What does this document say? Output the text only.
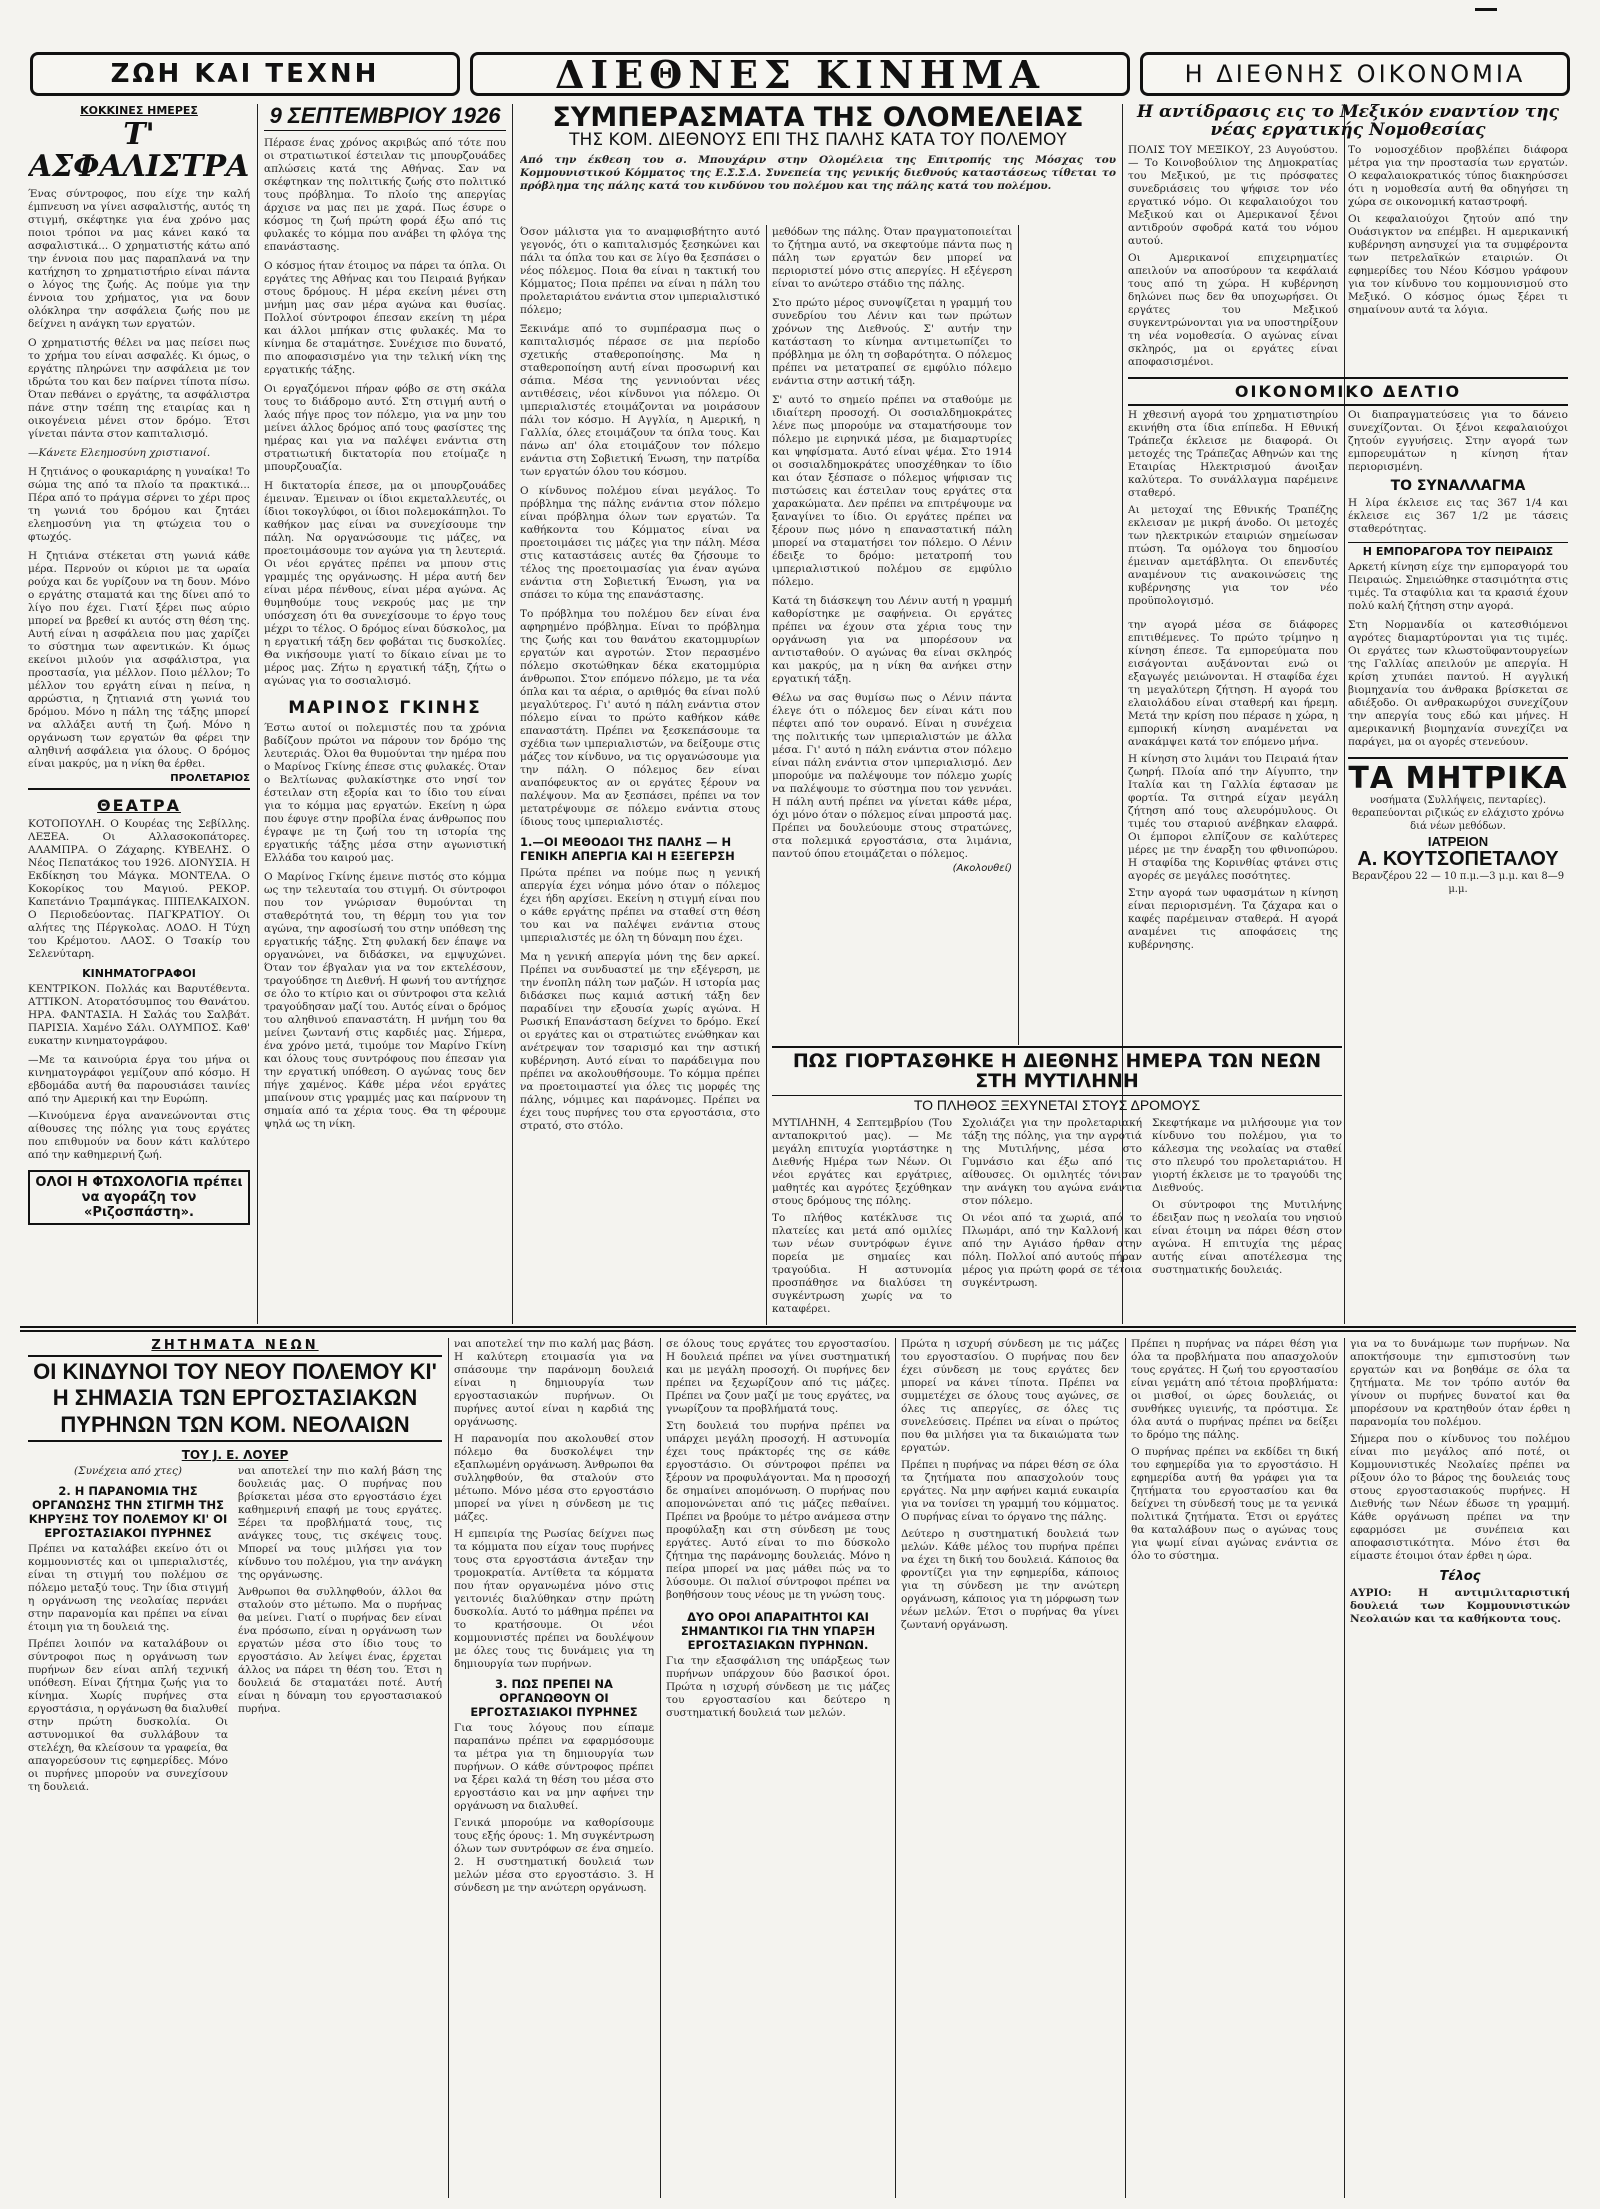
ΖΩΗ ΚΑΙ ΤΕΧΝΗ	ΔΙΕΘΝΕΣ ΚΙΝΗΜΑ	Η ΔΙΕΘΝΗΣ ΟΙΚΟΝΟΜΙΑ

ΚΟΚΚΙΝΕΣ ΗΜΕΡΕΣ

Τ' ΑΣΦΑΛΙΣΤΡΑ

Ένας σύντροφος, που είχε την καλή έμπνευση να γίνει ασφαλιστής, αυτός τη στιγμή, σκέφτηκε για ένα χρόνο μας ποιοι τρόποι να μας κάνει κακό τα ασφαλιστικά... Ο χρηματιστής κάτω από την έννοια που μας παραπλανά να την κατήχηση το χρηματιστήριο είναι πάντα ο λόγος της ζωής. Ας πούμε για την έννοια του χρήματος, για να δουν ολόκληρα την ασφάλεια ζωής που με δείχνει η ανάγκη των εργατών.

Ο χρηματιστής θέλει να μας πείσει πως το χρήμα του είναι ασφαλές. Κι όμως, ο εργάτης πληρώνει την ασφάλεια με τον ιδρώτα του και δεν παίρνει τίποτα πίσω. Όταν πεθάνει ο εργάτης, τα ασφάλιστρα πάνε στην τσέπη της εταιρίας και η οικογένεια μένει στον δρόμο. Έτσι γίνεται πάντα στον καπιταλισμό.

—Κάνετε Ελεημοσύνη χριστιανοί.

Η ζητιάνος ο φουκαριάρης η γυναίκα! Το σώμα της από τα πλοίο τα πρακτικά... Πέρα από το πράγμα σέρνει το χέρι προς τη γωνιά του δρόμου και ζητάει ελεημοσύνη για τη φτώχεια του ο φτωχός.

Η ζητιάνα στέκεται στη γωνιά κάθε μέρα. Περνούν οι κύριοι με τα ωραία ρούχα και δε γυρίζουν να τη δουν. Μόνο ο εργάτης σταματά και της δίνει από το λίγο που έχει. Γιατί ξέρει πως αύριο μπορεί να βρεθεί κι αυτός στη θέση της. Αυτή είναι η ασφάλεια που μας χαρίζει το σύστημα των αφεντικών. Κι όμως εκείνοι μιλούν για ασφάλιστρα, για προστασία, για μέλλον. Ποιο μέλλον; Το μέλλον του εργάτη είναι η πείνα, η αρρώστια, η ζητιανιά στη γωνιά του δρόμου. Μόνο η πάλη της τάξης μπορεί να αλλάξει αυτή τη ζωή. Μόνο η οργάνωση των εργατών θα φέρει την αληθινή ασφάλεια για όλους. Ο δρόμος είναι μακρύς, μα η νίκη θα έρθει.

ΠΡΟΛΕΤΑΡΙΟΣ

ΘΕΑΤΡΑ

ΚΟΤΟΠΟΥΛΗ. Ο Κουρέας της Σεβίλλης. ΛΕΞΕΑ. Οι Αλλασοκοπάτορες. ΑΛΑΜΠΡΑ. Ο Ζάχαρης. ΚΥΒΕΛΗΣ. Ο Νέος Πεπατάκος του 1926. ΔΙΟΝΥΣΙΑ. Η Εκδίκηση του Μάγκα. ΜΟΝΤΕΛΑ. Ο Κοκορίκος του Μαγιού. ΡΕΚΟΡ. Καπετάνιο Τραμπάγκας. ΠΙΠΕΛΚΑΙΧΟΝ. Ο Περιοδεύοντας. ΠΑΓΚΡΑΤΙΟΥ. Οι αλήτες της Πέργκολας. ΛΟΔΟ. Η Τύχη του Κρέμοτου. ΛΑΟΣ. Ο Τσακίρ του Σελενύταρη.

ΚΙΝΗΜΑΤΟΓΡΑΦΟΙ

ΚΕΝΤΡΙΚΟΝ. Πολλάς και Βαρυτέθεντα. ΑΤΤΙΚΟΝ. Ατορατόσυμπος του Θανάτου. ΗΡΑ. ΦΑΝΤΑΣΙΑ. Η Σαλάς του Σαλβάτ. ΠΑΡΙΣΙΑ. Χαμένο Σάλι. ΟΛΥΜΠΟΣ. Καθ' ευκατην κινηματογράφου.

—Με τα καινούρια έργα του μήνα οι κινηματογράφοι γεμίζουν από κόσμο. Η εβδομάδα αυτή θα παρουσιάσει ταινίες από την Αμερική και την Ευρώπη.

—Κινούμενα έργα ανανεώνονται στις αίθουσες της πόλης για τους εργάτες που επιθυμούν να δουν κάτι καλύτερο από την καθημερινή ζωή.

ΟΛΟΙ Η ΦΤΩΧΟΛΟΓΙΑ πρέπει να αγοράζη τον «Ριζοσπάστη».

9 ΣΕΠΤΕΜΒΡΙΟΥ 1926

Πέρασε ένας χρόνος ακριβώς από τότε που οι στρατιωτικοί έστειλαν τις μπουρζουάδες απλώσεις κατά της Αθήνας. Σαν να σκέφτηκαν της πολιτικής ζωής στο πολιτικό τους πρόβλημα. Το πλοίο της απεργίας άρχισε να μας πει με χαρά. Πως έσυρε ο κόσμος τη ζωή πρώτη φορά έξω από τις φυλακές το κόμμα που ανάβει τη φλόγα της επανάστασης.

Ο κόσμος ήταν έτοιμος να πάρει τα όπλα. Οι εργάτες της Αθήνας και του Πειραιά βγήκαν στους δρόμους. Η μέρα εκείνη μένει στη μνήμη μας σαν μέρα αγώνα και θυσίας. Πολλοί σύντροφοι έπεσαν εκείνη τη μέρα και άλλοι μπήκαν στις φυλακές. Μα το κίνημα δε σταμάτησε. Συνέχισε πιο δυνατό, πιο αποφασισμένο για την τελική νίκη της εργατικής τάξης.

Οι εργαζόμενοι πήραν φόβο σε στη σκάλα τους το διάδρομο αυτό. Στη στιγμή αυτή ο λαός πήγε προς τον πόλεμο, για να μην του μείνει άλλος δρόμος από τους φασίστες της ημέρας και για να παλέψει ενάντια στη στρατιωτική δικτατορία που ετοίμαζε η μπουρζουαζία.

Η δικτατορία έπεσε, μα οι μπουρζουάδες έμειναν. Έμειναν οι ίδιοι εκμεταλλευτές, οι ίδιοι τοκογλύφοι, οι ίδιοι πολεμοκάπηλοι. Το καθήκον μας είναι να συνεχίσουμε την πάλη. Να οργανώσουμε τις μάζες, να προετοιμάσουμε τον αγώνα για τη λευτεριά. Οι νέοι εργάτες πρέπει να μπουν στις γραμμές της οργάνωσης. Η μέρα αυτή δεν είναι μέρα πένθους, είναι μέρα αγώνα. Ας θυμηθούμε τους νεκρούς μας με την υπόσχεση ότι θα συνεχίσουμε το έργο τους μέχρι το τέλος. Ο δρόμος είναι δύσκολος, μα η εργατική τάξη δεν φοβάται τις δυσκολίες. Θα νικήσουμε γιατί το δίκαιο είναι με το μέρος μας. Ζήτω η εργατική τάξη, ζήτω ο αγώνας για το σοσιαλισμό.

ΜΑΡΙΝΟΣ ΓΚΙΝΗΣ

Έστω αυτοί οι πολεμιστές που τα χρόνια βαδίζουν πρώτοι να πάρουν τον δρόμο της λευτεριάς. Όλοι θα θυμούνται την ημέρα που ο Μαρίνος Γκίνης έπεσε στις φυλακές. Όταν ο Βελτίωνας φυλακίστηκε στο νησί τον έστειλαν στη εξορία και το ίδιο του είναι για το κόμμα μας εργατών. Εκείνη η ώρα που έφυγε στην προβίλα ένας άνθρωπος που έγραψε με τη ζωή του τη ιστορία της εργατικής τάξης μέσα στην αγωνιστική Ελλάδα του καιρού μας.

Ο Μαρίνος Γκίνης έμεινε πιστός στο κόμμα ως την τελευταία του στιγμή. Οι σύντροφοι που τον γνώρισαν θυμούνται τη σταθερότητά του, τη θέρμη του για τον αγώνα, την αφοσίωσή του στην υπόθεση της εργατικής τάξης. Στη φυλακή δεν έπαψε να οργανώνει, να διδάσκει, να εμψυχώνει. Όταν τον έβγαλαν για να τον εκτελέσουν, τραγούδησε τη Διεθνή. Η φωνή του αντήχησε σε όλο το κτίριο και οι σύντροφοι στα κελιά τραγούδησαν μαζί του. Αυτός είναι ο δρόμος του αληθινού επαναστάτη. Η μνήμη του θα μείνει ζωντανή στις καρδιές μας. Σήμερα, ένα χρόνο μετά, τιμούμε τον Μαρίνο Γκίνη και όλους τους συντρόφους που έπεσαν για την εργατική υπόθεση. Ο αγώνας τους δεν πήγε χαμένος. Κάθε μέρα νέοι εργάτες μπαίνουν στις γραμμές μας και παίρνουν τη σημαία από τα χέρια τους. Θα τη φέρουμε ψηλά ως τη νίκη.

ΣΥΜΠΕΡΑΣΜΑΤΑ ΤΗΣ ΟΛΟΜΕΛΕΙΑΣ

ΤΗΣ ΚΟΜ. ΔΙΕΘΝΟΥΣ ΕΠΙ ΤΗΣ ΠΑΛΗΣ ΚΑΤΑ ΤΟΥ ΠΟΛΕΜΟΥ

Από την έκθεση του σ. Μπουχάριν στην Ολομέλεια της Επιτροπής της Μόσχας του Κομμουνιστικού Κόμματος της Ε.Σ.Σ.Δ. Συνεπεία της γενικής διεθνούς καταστάσεως τίθεται το πρόβλημα της πάλης κατά του κινδύνου του πολέμου και της πάλης κατά του πολέμου.

Όσον μάλιστα για το αναμφισβήτητο αυτό γεγονός, ότι ο καπιταλισμός ξεσηκώνει και πάλι τα όπλα του και σε λίγο θα ξεσπάσει ο νέος πόλεμος. Ποια θα είναι η τακτική του Κόμματος; Ποια πρέπει να είναι η πάλη του προλεταριάτου ενάντια στον ιμπεριαλιστικό πόλεμο;

Ξεκινάμε από το συμπέρασμα πως ο καπιταλισμός πέρασε σε μια περίοδο σχετικής σταθεροποίησης. Μα η σταθεροποίηση αυτή είναι προσωρινή και σάπια. Μέσα της γεννιούνται νέες αντιθέσεις, νέοι κίνδυνοι για πόλεμο. Οι ιμπεριαλιστές ετοιμάζονται να μοιράσουν πάλι τον κόσμο. Η Αγγλία, η Αμερική, η Γαλλία, όλες ετοιμάζουν τα όπλα τους. Και πάνω απ' όλα ετοιμάζουν τον πόλεμο ενάντια στη Σοβιετική Ένωση, την πατρίδα των εργατών όλου του κόσμου.

Ο κίνδυνος πολέμου είναι μεγάλος. Το πρόβλημα της πάλης ενάντια στον πόλεμο είναι πρόβλημα όλων των εργατών. Τα καθήκοντα του Κόμματος είναι να προετοιμάσει τις μάζες για την πάλη. Μέσα στις καταστάσεις αυτές θα ζήσουμε το τέλος της προετοιμασίας για έναν αγώνα ενάντια στη Σοβιετική Ένωση, για να σπάσει το κύμα της επανάστασης.

Το πρόβλημα του πολέμου δεν είναι ένα αφηρημένο πρόβλημα. Είναι το πρόβλημα της ζωής και του θανάτου εκατομμυρίων εργατών και αγροτών. Στον περασμένο πόλεμο σκοτώθηκαν δέκα εκατομμύρια άνθρωποι. Στον επόμενο πόλεμο, με τα νέα όπλα και τα αέρια, ο αριθμός θα είναι πολύ μεγαλύτερος. Γι' αυτό η πάλη ενάντια στον πόλεμο είναι το πρώτο καθήκον κάθε επαναστάτη. Πρέπει να ξεσκεπάσουμε τα σχέδια των ιμπεριαλιστών, να δείξουμε στις μάζες τον κίνδυνο, να τις οργανώσουμε για την πάλη. Ο πόλεμος δεν είναι αναπόφευκτος αν οι εργάτες ξέρουν να παλέψουν. Μα αν ξεσπάσει, πρέπει να τον μετατρέψουμε σε πόλεμο ενάντια στους ίδιους τους ιμπεριαλιστές.

1.—ΟΙ ΜΕΘΟΔΟΙ ΤΗΣ ΠΑΛΗΣ — Η ΓΕΝΙΚΗ ΑΠΕΡΓΙΑ ΚΑΙ Η ΕΞΕΓΕΡΣΗ

Πρώτα πρέπει να πούμε πως η γενική απεργία έχει νόημα μόνο όταν ο πόλεμος έχει ήδη αρχίσει. Εκείνη η στιγμή είναι που ο κάθε εργάτης πρέπει να σταθεί στη θέση του και να παλέψει ενάντια στους ιμπεριαλιστές με όλη τη δύναμη που έχει.

Μα η γενική απεργία μόνη της δεν αρκεί. Πρέπει να συνδυαστεί με την εξέγερση, με την ένοπλη πάλη των μαζών. Η ιστορία μας διδάσκει πως καμιά αστική τάξη δεν παραδίνει την εξουσία χωρίς αγώνα. Η Ρωσική Επανάσταση δείχνει το δρόμο. Εκεί οι εργάτες και οι στρατιώτες ενώθηκαν και ανέτρεψαν τον τσαρισμό και την αστική κυβέρνηση. Αυτό είναι το παράδειγμα που πρέπει να ακολουθήσουμε. Το κόμμα πρέπει να προετοιμαστεί για όλες τις μορφές της πάλης, νόμιμες και παράνομες. Πρέπει να έχει τους πυρήνες του στα εργοστάσια, στο στρατό, στο στόλο.

μεθόδων της πάλης. Όταν πραγματοποιείται το ζήτημα αυτό, να σκεφτούμε πάντα πως η πάλη των εργατών δεν μπορεί να περιοριστεί μόνο στις απεργίες. Η εξέγερση είναι το ανώτερο στάδιο της πάλης.

Στο πρώτο μέρος συνοψίζεται η γραμμή του συνεδρίου του Λένιν και των πρώτων χρόνων της Διεθνούς. Σ' αυτήν την κατάσταση το κίνημα αντιμετωπίζει το πρόβλημα με όλη τη σοβαρότητα. Ο πόλεμος πρέπει να μετατραπεί σε εμφύλιο πόλεμο ενάντια στην αστική τάξη.

Σ' αυτό το σημείο πρέπει να σταθούμε με ιδιαίτερη προσοχή. Οι σοσιαλδημοκράτες λένε πως μπορούμε να σταματήσουμε τον πόλεμο με ειρηνικά μέσα, με διαμαρτυρίες και ψηφίσματα. Αυτό είναι ψέμα. Στο 1914 οι σοσιαλδημοκράτες υποσχέθηκαν το ίδιο και όταν ξέσπασε ο πόλεμος ψήφισαν τις πιστώσεις και έστειλαν τους εργάτες στα χαρακώματα. Δεν πρέπει να επιτρέψουμε να ξαναγίνει το ίδιο. Οι εργάτες πρέπει να ξέρουν πως μόνο η επαναστατική πάλη μπορεί να σταματήσει τον πόλεμο. Ο Λένιν έδειξε το δρόμο: μετατροπή του ιμπεριαλιστικού πολέμου σε εμφύλιο πόλεμο.

Κατά τη διάσκεψη του Λένιν αυτή η γραμμή καθορίστηκε με σαφήνεια. Οι εργάτες πρέπει να έχουν στα χέρια τους την οργάνωση για να μπορέσουν να αντισταθούν. Ο αγώνας θα είναι σκληρός και μακρύς, μα η νίκη θα ανήκει στην εργατική τάξη.

Θέλω να σας θυμίσω πως ο Λένιν πάντα έλεγε ότι ο πόλεμος δεν είναι κάτι που πέφτει από τον ουρανό. Είναι η συνέχεια της πολιτικής των ιμπεριαλιστών με άλλα μέσα. Γι' αυτό η πάλη ενάντια στον πόλεμο είναι πάλη ενάντια στον ιμπεριαλισμό. Δεν μπορούμε να παλέψουμε τον πόλεμο χωρίς να παλέψουμε το σύστημα που τον γεννάει. Η πάλη αυτή πρέπει να γίνεται κάθε μέρα, όχι μόνο όταν ο πόλεμος είναι μπροστά μας. Πρέπει να δουλεύουμε στους στρατώνες, στα πολεμικά εργοστάσια, στα λιμάνια, παντού όπου ετοιμάζεται ο πόλεμος.

(Ακολουθεί)

ΠΩΣ ΓΙΟΡΤΑΣΘΗΚΕ Η ΔΙΕΘΝΗΣ ΗΜΕΡΑ ΤΩΝ ΝΕΩΝ ΣΤΗ ΜΥΤΙΛΗΝΗ

ΤΟ ΠΛΗΘΟΣ ΞΕΧΥΝΕΤΑΙ ΣΤΟΥΣ ΔΡΟΜΟΥΣ

ΜΥΤΙΛΗΝΗ, 4 Σεπτεμβρίου (Του ανταποκριτού μας). — Με μεγάλη επιτυχία γιορτάστηκε η Διεθνής Ημέρα των Νέων. Οι νέοι εργάτες και εργάτριες, μαθητές και αγρότες ξεχύθηκαν στους δρόμους της πόλης.

Το πλήθος κατέκλυσε τις πλατείες και μετά από ομιλίες των νέων συντρόφων έγινε πορεία με σημαίες και τραγούδια. Η αστυνομία προσπάθησε να διαλύσει τη συγκέντρωση χωρίς να το καταφέρει.

Σχολιάζει για την προλεταριακή τάξη της πόλης, για την αγροτιά της Μυτιλήνης, μέσα στο Γυμνάσιο και έξω από τις αίθουσες. Οι ομιλητές τόνισαν την ανάγκη του αγώνα ενάντια στον πόλεμο.

Οι νέοι από τα χωριά, από το Πλωμάρι, από την Καλλονή και από την Αγιάσο ήρθαν στην πόλη. Πολλοί από αυτούς πήραν μέρος για πρώτη φορά σε τέτοια συγκέντρωση.

Σκεφτήκαμε να μιλήσουμε για τον κίνδυνο του πολέμου, για το κάλεσμα της νεολαίας να σταθεί στο πλευρό του προλεταριάτου. Η γιορτή έκλεισε με το τραγούδι της Διεθνούς.

Οι σύντροφοι της Μυτιλήνης έδειξαν πως η νεολαία του νησιού είναι έτοιμη να πάρει θέση στον αγώνα. Η επιτυχία της μέρας αυτής είναι αποτέλεσμα της συστηματικής δουλειάς.

Η αντίδρασις εις το Μεξικόν εναντίον της νέας εργατικής Νομοθεσίας

ΠΟΛΙΣ ΤΟΥ ΜΕΞΙΚΟΥ, 23 Αυγούστου. — Το Κοινοβούλιον της Δημοκρατίας του Μεξικού, με τις πρόσφατες συνεδριάσεις του ψήφισε τον νέο εργατικό νόμο. Οι κεφαλαιούχοι του Μεξικού και οι Αμερικανοί ξένοι αντιδρούν σφοδρά κατά του νόμου αυτού.

Οι Αμερικανοί επιχειρηματίες απειλούν να αποσύρουν τα κεφάλαιά τους από τη χώρα. Η κυβέρνηση δηλώνει πως δεν θα υποχωρήσει. Οι εργάτες του Μεξικού συγκεντρώνονται για να υποστηρίξουν τη νέα νομοθεσία. Ο αγώνας είναι σκληρός, μα οι εργάτες είναι αποφασισμένοι.

Το νομοσχέδιον προβλέπει διάφορα μέτρα για την προστασία των εργατών. Ο κεφαλαιοκρατικός τύπος διακηρύσσει ότι η νομοθεσία αυτή θα οδηγήσει τη χώρα σε οικονομική καταστροφή.

Οι κεφαλαιούχοι ζητούν από την Ουάσιγκτον να επέμβει. Η αμερικανική κυβέρνηση ανησυχεί για τα συμφέροντα των πετρελαϊκών εταιριών. Οι εφημερίδες του Νέου Κόσμου γράφουν για τον κίνδυνο του κομμουνισμού στο Μεξικό. Ο κόσμος όμως ξέρει τι σημαίνουν αυτά τα λόγια.

ΟΙΚΟΝΟΜΙΚΟ ΔΕΛΤΙΟ

Η χθεσινή αγορά του χρηματιστηρίου εκινήθη στα ίδια επίπεδα. Η Εθνική Τράπεζα έκλεισε με διαφορά. Οι μετοχές της Τράπεζας Αθηνών και της Εταιρίας Ηλεκτρισμού άνοιξαν καλύτερα. Το συνάλλαγμα παρέμεινε σταθερό.

Αι μετοχαί της Εθνικής Τραπέζης εκλεισαν με μικρή άνοδο. Οι μετοχές των ηλεκτρικών εταιριών σημείωσαν πτώση. Τα ομόλογα του δημοσίου έμειναν αμετάβλητα. Οι επενδυτές αναμένουν τις ανακοινώσεις της κυβέρνησης για τον νέο προϋπολογισμό.

Οι διαπραγματεύσεις για το δάνειο συνεχίζονται. Οι ξένοι κεφαλαιούχοι ζητούν εγγυήσεις. Στην αγορά των εμπορευμάτων η κίνηση ήταν περιορισμένη.

ΤΟ ΣΥΝΑΛΛΑΓΜΑ

Η λίρα έκλεισε εις τας 367 1/4 και έκλεισε εις 367 1/2 με τάσεις σταθερότητας.

Η ΕΜΠΟΡΑΓΟΡΑ ΤΟΥ ΠΕΙΡΑΙΩΣ

Αρκετή κίνηση είχε την εμποραγορά του Πειραιώς. Σημειώθηκε στασιμότητα στις τιμές. Τα σταφύλια και τα κρασιά έχουν πολύ καλή ζήτηση στην αγορά.

την αγορά μέσα σε διάφορες επιτιθέμενες. Το πρώτο τρίμηνο η κίνηση έπεσε. Τα εμπορεύματα που εισάγονται αυξάνονται ενώ οι εξαγωγές μειώνονται. Η σταφίδα έχει τη μεγαλύτερη ζήτηση. Η αγορά του ελαιολάδου είναι σταθερή και ήρεμη. Μετά την κρίση που πέρασε η χώρα, η εμπορική κίνηση αναμένεται να ανακάμψει κατά τον επόμενο μήνα.

Η κίνηση στο λιμάνι του Πειραιά ήταν ζωηρή. Πλοία από την Αίγυπτο, την Ιταλία και τη Γαλλία έφτασαν με φορτία. Τα σιτηρά είχαν μεγάλη ζήτηση από τους αλευρόμυλους. Οι τιμές του σταριού ανέβηκαν ελαφρά. Οι έμποροι ελπίζουν σε καλύτερες μέρες με την έναρξη του φθινοπώρου. Η σταφίδα της Κορινθίας φτάνει στις αγορές σε μεγάλες ποσότητες.

Στην αγορά των υφασμάτων η κίνηση είναι περιορισμένη. Τα ζάχαρα και ο καφές παρέμειναν σταθερά. Η αγορά αναμένει τις αποφάσεις της κυβέρνησης.

Στη Νορμανδία οι κατεσθιόμενοι αγρότες διαμαρτύρονται για τις τιμές. Οι εργάτες των κλωστοϋφαντουργείων της Γαλλίας απειλούν με απεργία. Η κρίση χτυπάει παντού. Η αγγλική βιομηχανία του άνθρακα βρίσκεται σε αδιέξοδο. Οι ανθρακωρύχοι συνεχίζουν την απεργία τους εδώ και μήνες. Η αμερικανική βιομηχανία συνεχίζει να παράγει, μα οι αγορές στενεύουν.

ΤΑ ΜΗΤΡΙΚΑ

νοσήματα (Συλλήψεις, πενταρίες). θεραπεύονται ριζικώς εν ελάχιστο χρόνω διά νέων μεθόδων.

ΙΑΤΡΕΙΟΝ

Α. ΚΟΥΤΣΟΠΕΤΑΛΟΥ

Βερανζέρου 22 — 10 π.μ.—3 μ.μ. και 8—9 μ.μ.

ΖΗΤΗΜΑΤΑ ΝΕΩΝ

ΟΙ ΚΙΝΔΥΝΟΙ ΤΟΥ ΝΕΟΥ ΠΟΛΕΜΟΥ ΚΙ' Η ΣΗΜΑΣΙΑ ΤΩΝ ΕΡΓΟΣΤΑΣΙΑΚΩΝ ΠΥΡΗΝΩΝ ΤΩΝ ΚΟΜ. ΝΕΟΛΑΙΩΝ

ΤΟΥ J. Ε. ΛΟΥΕΡ

(Συνέχεια από χτες)

2. Η ΠΑΡΑΝΟΜΙΑ ΤΗΣ ΟΡΓΑΝΩΣΗΣ ΤΗΝ ΣΤΙΓΜΗ ΤΗΣ ΚΗΡΥΞΗΣ ΤΟΥ ΠΟΛΕΜΟΥ ΚΙ' ΟΙ ΕΡΓΟΣΤΑΣΙΑΚΟΙ ΠΥΡΗΝΕΣ

Πρέπει να καταλάβει εκείνο ότι οι κομμουνιστές και οι ιμπεριαλιστές, είναι τη στιγμή του πολέμου σε πόλεμο μεταξύ τους. Την ίδια στιγμή η οργάνωση της νεολαίας περνάει στην παρανομία και πρέπει να είναι έτοιμη για τη δουλειά της.

Πρέπει λοιπόν να καταλάβουν οι σύντροφοι πως η οργάνωση των πυρήνων δεν είναι απλή τεχνική υπόθεση. Είναι ζήτημα ζωής για το κίνημα. Χωρίς πυρήνες στα εργοστάσια, η οργάνωση θα διαλυθεί στην πρώτη δυσκολία. Οι αστυνομικοί θα συλλάβουν τα στελέχη, θα κλείσουν τα γραφεία, θα απαγορεύσουν τις εφημερίδες. Μόνο οι πυρήνες μπορούν να συνεχίσουν τη δουλειά.

ναι αποτελεί την πιο καλή βάση της δουλειάς μας. Ο πυρήνας που βρίσκεται μέσα στο εργοστάσιο έχει καθημερινή επαφή με τους εργάτες. Ξέρει τα προβλήματά τους, τις ανάγκες τους, τις σκέψεις τους. Μπορεί να τους μιλήσει για τον κίνδυνο του πολέμου, για την ανάγκη της οργάνωσης.

Άνθρωποι θα συλληφθούν, άλλοι θα σταλούν στο μέτωπο. Μα ο πυρήνας θα μείνει. Γιατί ο πυρήνας δεν είναι ένα πρόσωπο, είναι η οργάνωση των εργατών μέσα στο ίδιο τους το εργοστάσιο. Αν λείψει ένας, έρχεται άλλος να πάρει τη θέση του. Έτσι η δουλειά δε σταματάει ποτέ. Αυτή είναι η δύναμη του εργοστασιακού πυρήνα.

ναι αποτελεί την πιο καλή μας βάση. Η καλύτερη ετοιμασία για να σπάσουμε την παράνομη δουλειά είναι η δημιουργία των εργοστασιακών πυρήνων. Οι πυρήνες αυτοί είναι η καρδιά της οργάνωσης.

Η παρανομία που ακολουθεί στον πόλεμο θα δυσκολέψει την εξαπλωμένη οργάνωση. Άνθρωποι θα συλληφθούν, θα σταλούν στο μέτωπο. Μόνο μέσα στο εργοστάσιο μπορεί να γίνει η σύνδεση με τις μάζες.

Η εμπειρία της Ρωσίας δείχνει πως τα κόμματα που είχαν τους πυρήνες τους στα εργοστάσια άντεξαν την τρομοκρατία. Αντίθετα τα κόμματα που ήταν οργανωμένα μόνο στις γειτονιές διαλύθηκαν στην πρώτη δυσκολία. Αυτό το μάθημα πρέπει να το κρατήσουμε. Οι νέοι κομμουνιστές πρέπει να δουλέψουν με όλες τους τις δυνάμεις για τη δημιουργία των πυρήνων.

3. ΠΩΣ ΠΡΕΠΕΙ ΝΑ ΟΡΓΑΝΩΘΟΥΝ ΟΙ ΕΡΓΟΣΤΑΣΙΑΚΟΙ ΠΥΡΗΝΕΣ

Για τους λόγους που είπαμε παραπάνω πρέπει να εφαρμόσουμε τα μέτρα για τη δημιουργία των πυρήνων. Ο κάθε σύντροφος πρέπει να ξέρει καλά τη θέση του μέσα στο εργοστάσιο και να μην αφήνει την οργάνωση να διαλυθεί.

Γενικά μπορούμε να καθορίσουμε τους εξής όρους: 1. Μη συγκέντρωση όλων των συντρόφων σε ένα σημείο. 2. Η συστηματική δουλειά των μελών μέσα στο εργοστάσιο. 3. Η σύνδεση με την ανώτερη οργάνωση.

σε όλους τους εργάτες του εργοστασίου. Η δουλειά πρέπει να γίνει συστηματική και με μεγάλη προσοχή. Οι πυρήνες δεν πρέπει να ξεχωρίζουν από τις μάζες. Πρέπει να ζουν μαζί με τους εργάτες, να γνωρίζουν τα προβλήματά τους.

Στη δουλειά του πυρήνα πρέπει να υπάρχει μεγάλη προσοχή. Η αστυνομία έχει τους πράκτορές της σε κάθε εργοστάσιο. Οι σύντροφοι πρέπει να ξέρουν να προφυλάγονται. Μα η προσοχή δε σημαίνει απομόνωση. Ο πυρήνας που απομονώνεται από τις μάζες πεθαίνει. Πρέπει να βρούμε το μέτρο ανάμεσα στην προφύλαξη και στη σύνδεση με τους εργάτες. Αυτό είναι το πιο δύσκολο ζήτημα της παράνομης δουλειάς. Μόνο η πείρα μπορεί να μας μάθει πώς να το λύσουμε. Οι παλιοί σύντροφοι πρέπει να βοηθήσουν τους νέους με τη γνώση τους.

ΔΥΟ ΟΡΟΙ ΑΠΑΡΑΙΤΗΤΟΙ ΚΑΙ ΣΗΜΑΝΤΙΚΟΙ ΓΙΑ ΤΗΝ ΥΠΑΡΞΗ ΕΡΓΟΣΤΑΣΙΑΚΩΝ ΠΥΡΗΝΩΝ.

Για την εξασφάλιση της υπάρξεως των πυρήνων υπάρχουν δύο βασικοί όροι. Πρώτα η ισχυρή σύνδεση με τις μάζες του εργοστασίου και δεύτερο η συστηματική δουλειά των μελών.

Πρώτα η ισχυρή σύνδεση με τις μάζες του εργοστασίου. Ο πυρήνας που δεν έχει σύνδεση με τους εργάτες δεν μπορεί να κάνει τίποτα. Πρέπει να συμμετέχει σε όλους τους αγώνες, σε όλες τις απεργίες, σε όλες τις συνελεύσεις. Πρέπει να είναι ο πρώτος που θα μιλήσει για τα δικαιώματα των εργατών.

Πρέπει η πυρήνας να πάρει θέση σε όλα τα ζητήματα που απασχολούν τους εργάτες. Να μην αφήνει καμιά ευκαιρία για να τονίσει τη γραμμή του κόμματος. Ο πυρήνας είναι το όργανο της πάλης.

Δεύτερο η συστηματική δουλειά των μελών. Κάθε μέλος του πυρήνα πρέπει να έχει τη δική του δουλειά. Κάποιος θα φροντίζει για την εφημερίδα, κάποιος για τη σύνδεση με την ανώτερη οργάνωση, κάποιος για τη μόρφωση των νέων μελών. Έτσι ο πυρήνας θα γίνει ζωντανή οργάνωση.

Πρέπει η πυρήνας να πάρει θέση για όλα τα προβλήματα που απασχολούν τους εργάτες. Η ζωή του εργοστασίου είναι γεμάτη από τέτοια προβλήματα: οι μισθοί, οι ώρες δουλειάς, οι συνθήκες υγιεινής, τα πρόστιμα. Σε όλα αυτά ο πυρήνας πρέπει να δείξει το δρόμο της πάλης.

Ο πυρήνας πρέπει να εκδίδει τη δική του εφημερίδα για το εργοστάσιο. Η εφημερίδα αυτή θα γράφει για τα ζητήματα του εργοστασίου και θα δείχνει τη σύνδεσή τους με τα γενικά πολιτικά ζητήματα. Έτσι οι εργάτες θα καταλάβουν πως ο αγώνας τους για ψωμί είναι αγώνας ενάντια σε όλο το σύστημα.

για να το δυνάμωμε των πυρήνων. Να αποκτήσουμε την εμπιστοσύνη των εργατών και να βοηθάμε σε όλα τα ζητήματα. Με τον τρόπο αυτόν θα γίνουν οι πυρήνες δυνατοί και θα μπορέσουν να κρατηθούν όταν έρθει η παρανομία του πολέμου.

Σήμερα που ο κίνδυνος του πολέμου είναι πιο μεγάλος από ποτέ, οι Κομμουνιστικές Νεολαίες πρέπει να ρίξουν όλο το βάρος της δουλειάς τους στους εργοστασιακούς πυρήνες. Η Διεθνής των Νέων έδωσε τη γραμμή. Κάθε οργάνωση πρέπει να την εφαρμόσει με συνέπεια και αποφασιστικότητα. Μόνο έτσι θα είμαστε έτοιμοι όταν έρθει η ώρα.

Τέλος

ΑΥΡΙΟ: Η αντιμιλιταριστική δουλειά των Κομμουνιστικών Νεολαιών και τα καθήκοντα τους.
